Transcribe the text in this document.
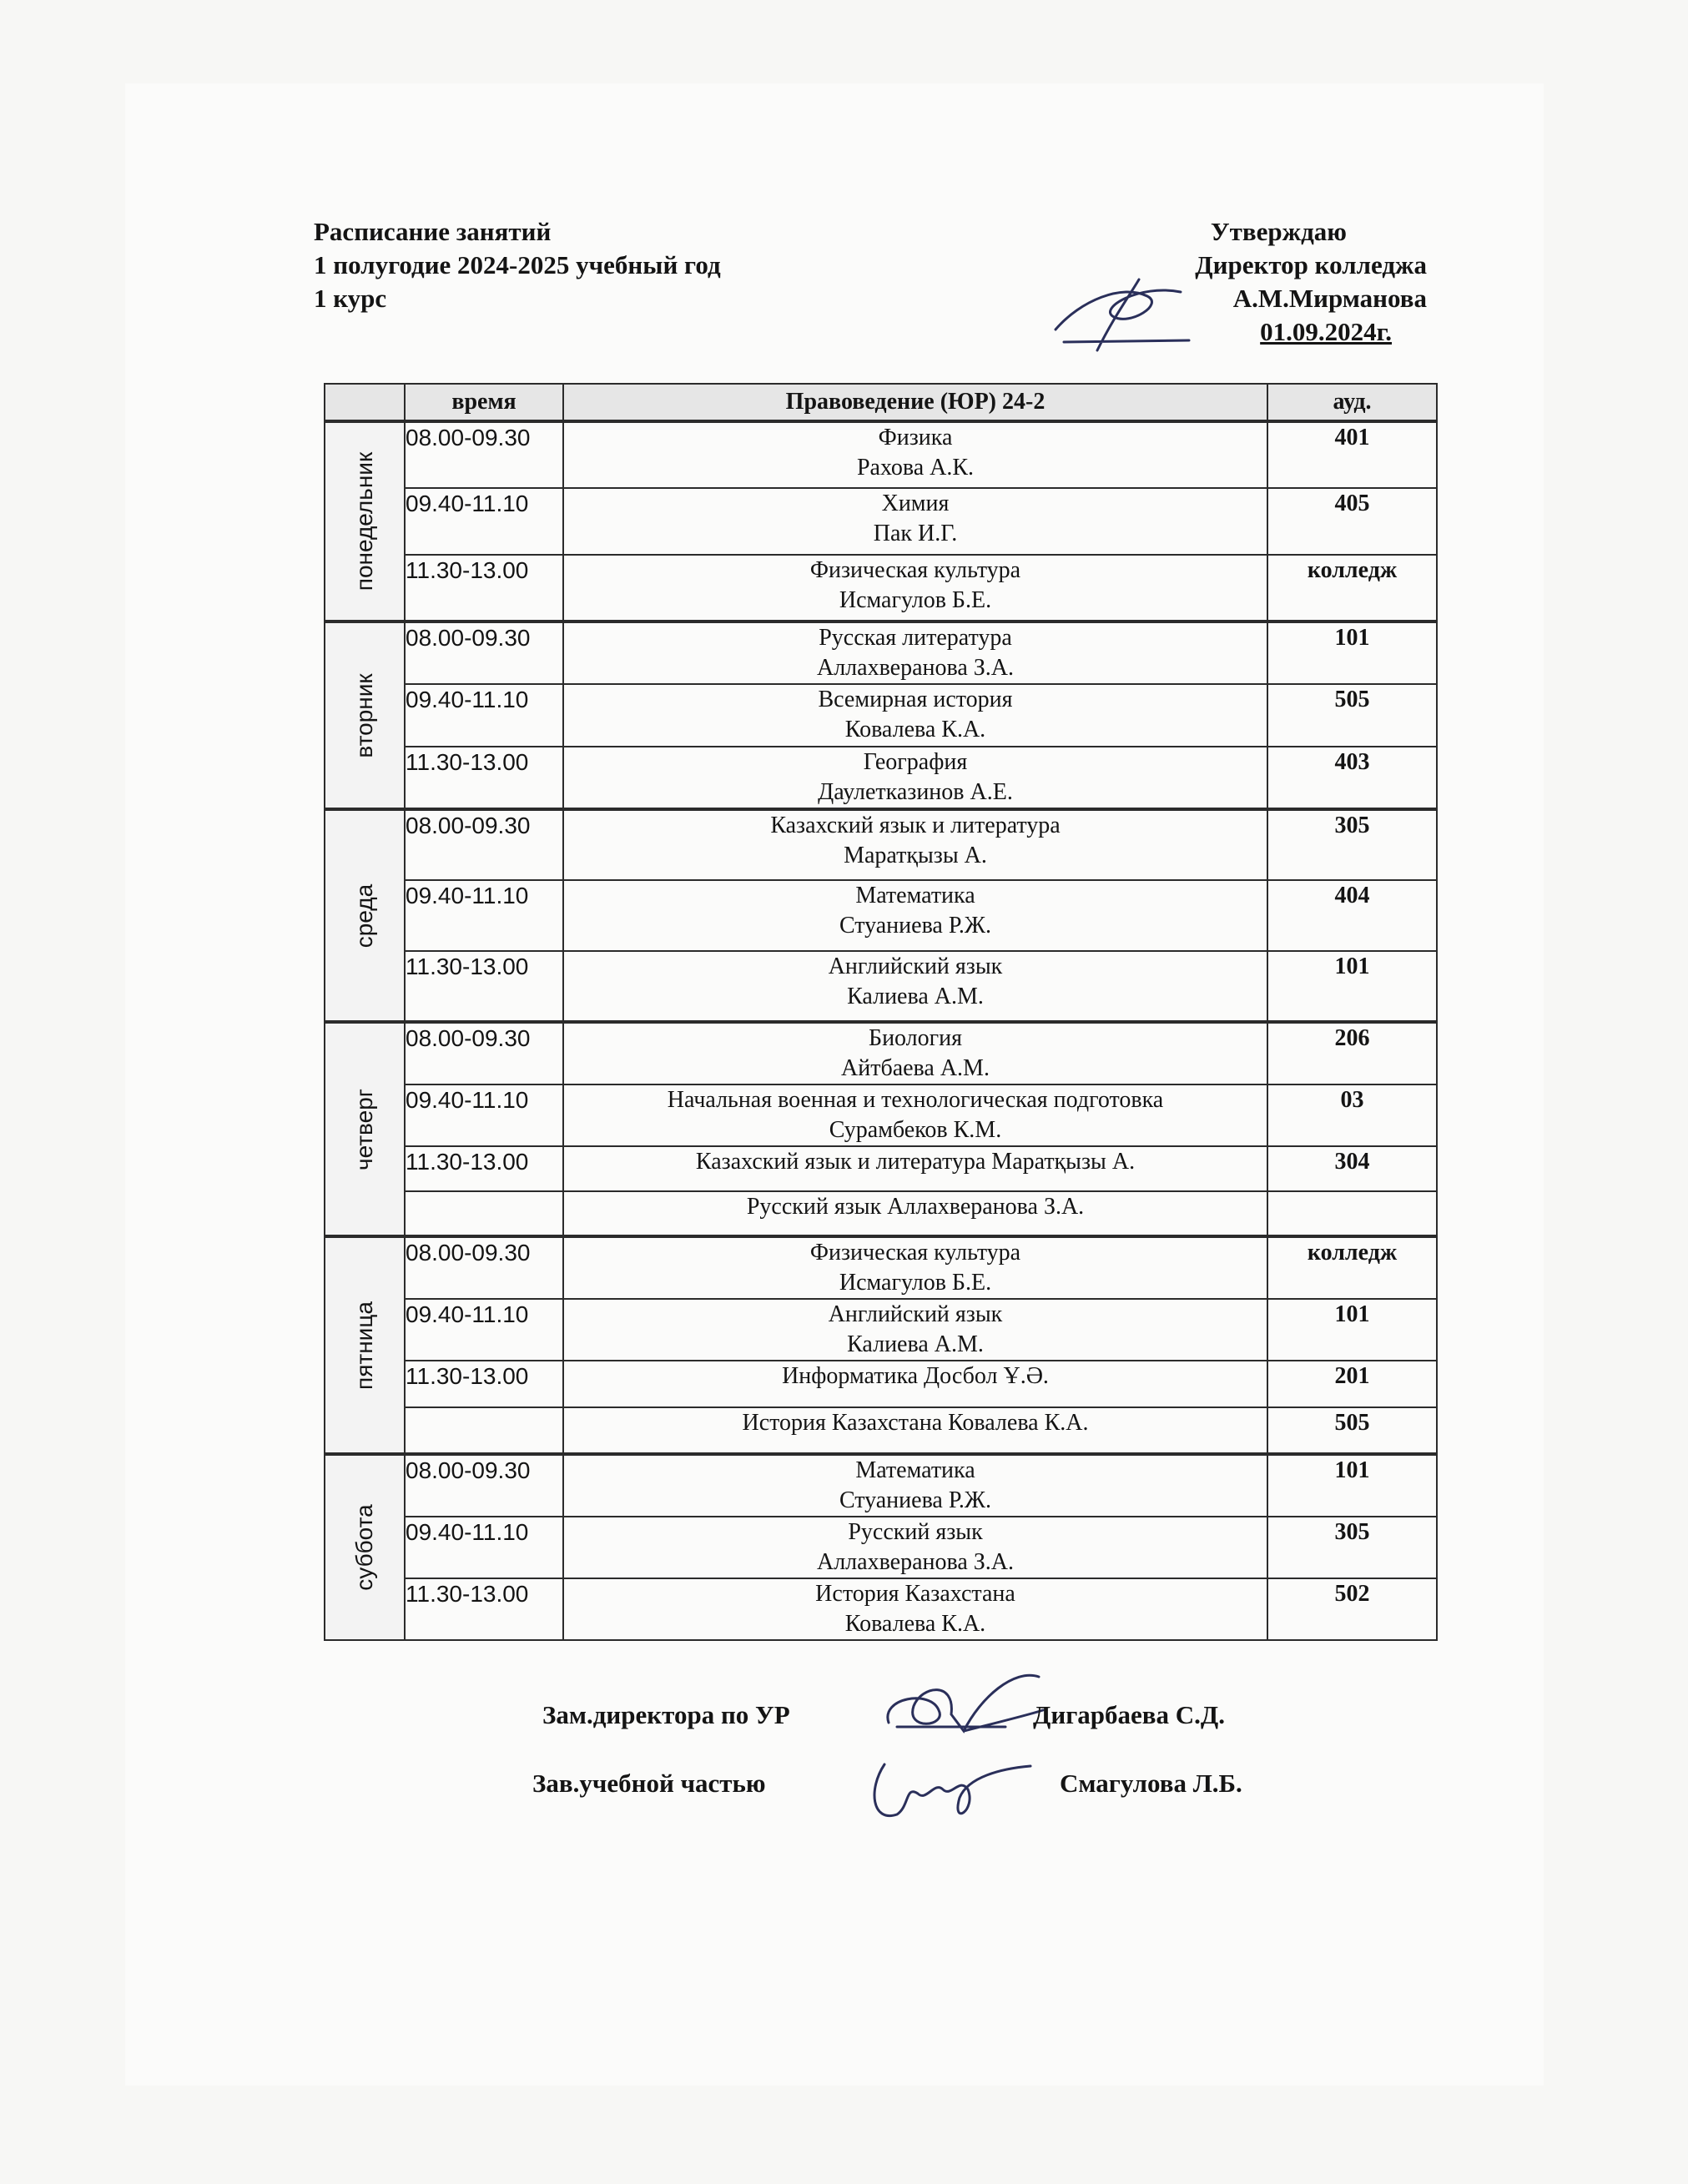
Расписание занятий
1 полугодие 2024-2025 учебный год
1 курс
Утверждаю
Директор колледжа
А.М.Мирманова
01.09.2024г.
	время	Правоведение (ЮР) 24-2	ауд.

понедельник	08.00-09.30	Физика
Рахова А.К.	401
	09.40-11.10	Химия
Пак И.Г.	405
	11.30-13.00	Физическая культура
Исмагулов Б.Е.	колледж

вторник	08.00-09.30	Русская литература
Аллахверанова З.А.	101
	09.40-11.10	Всемирная история
Ковалева К.А.	505
	11.30-13.00	География
Даулетказинов А.Е.	403

среда	08.00-09.30	Казахский язык и литература
Маратқызы А.	305
	09.40-11.10	Математика
Стуаниева Р.Ж.	404
	11.30-13.00	Английский язык
Калиева А.М.	101

четверг	08.00-09.30	Биология
Айтбаева А.М.	206
	09.40-11.10	Начальная военная и технологическая подготовка
Сурамбеков К.М.	03
	11.30-13.00	Казахский язык и литература Маратқызы А.	304

		Русский язык Аллахверанова З.А.	

пятница	08.00-09.30	Физическая культура
Исмагулов Б.Е.	колледж
	09.40-11.10	Английский язык
Калиева А.М.	101
	11.30-13.00	Информатика Досбол Ұ.Ә.	201

		История Казахстана Ковалева К.А.	505

суббота	08.00-09.30	Математика
Стуаниева Р.Ж.	101
	09.40-11.10	Русский язык
Аллахверанова З.А.	305
	11.30-13.00	История Казахстана
Ковалева К.А.	502
Зам.директора по УР	Дигарбаева С.Д.
Зав.учебной частью	Смагулова Л.Б.
